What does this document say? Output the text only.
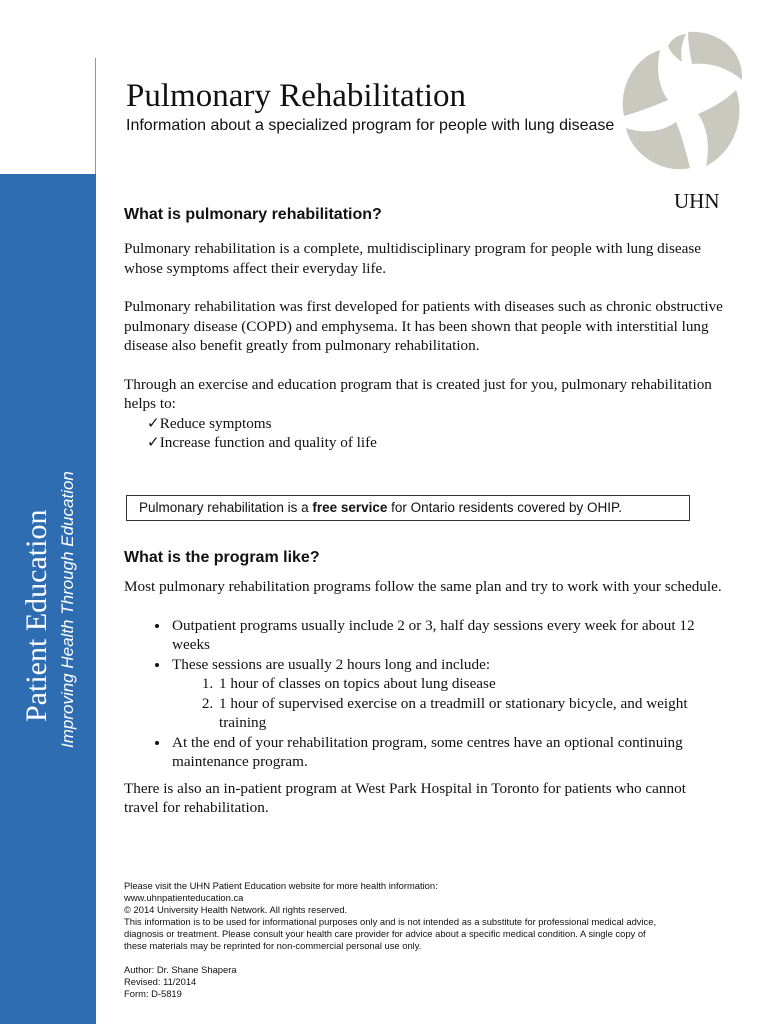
Patient Education Improving Health Through Education
Pulmonary Rehabilitation
Information about a specialized program for people with lung disease
UHN
What is pulmonary rehabilitation?

Pulmonary rehabilitation is a complete, multidisciplinary program for people with lung disease whose symptoms affect their everyday life.

Pulmonary rehabilitation was first developed for patients with diseases such as chronic obstructive pulmonary disease (COPD) and emphysema. It has been shown that people with interstitial lung disease also benefit greatly from pulmonary rehabilitation.

Through an exercise and education program that is created just for you, pulmonary rehabilitation helps to:

✓ Reduce symptoms
✓ Increase function and quality of life
Pulmonary rehabilitation is a free service for Ontario residents covered by OHIP.
What is the program like?

Most pulmonary rehabilitation programs follow the same plan and try to work with your schedule.

• Outpatient programs usually include 2 or 3, half day sessions every week for about 12 weeks
• These sessions are usually 2 hours long and include:
1. 1 hour of classes on topics about lung disease
2. 1 hour of supervised exercise on a treadmill or stationary bicycle, and weight training
• At the end of your rehabilitation program, some centres have an optional continuing maintenance program.

There is also an in-patient program at West Park Hospital in Toronto for patients who cannot travel for rehabilitation.

Please visit the UHN Patient Education website for more health information:

www.uhnpatienteducation.ca

© 2014 University Health Network. All rights reserved.

This information is to be used for informational purposes only and is not intended as a substitute for professional medical advice, diagnosis or treatment. Please consult your health care provider for advice about a specific medical condition. A single copy of these materials may be reprinted for non-commercial personal use only.

Author: Dr. Shane Shapera

Revised: 11/2014

Form: D-5819
